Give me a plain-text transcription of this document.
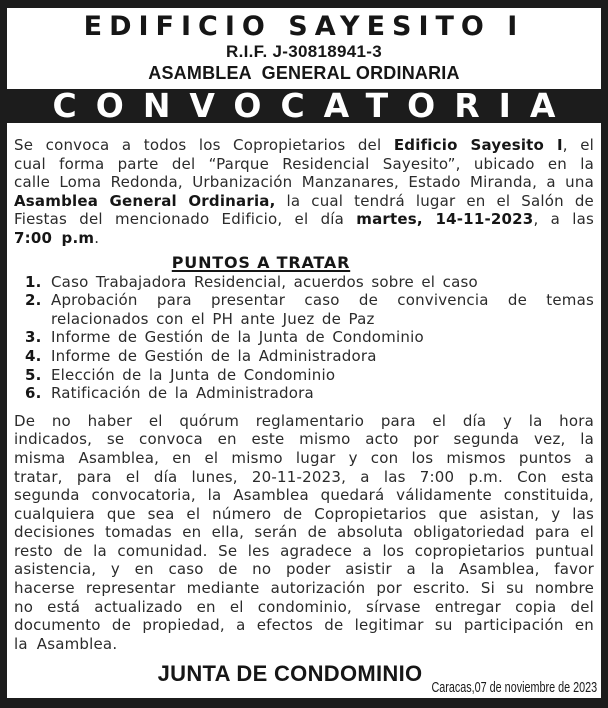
EDIFICIO SAYESITO I
R.I.F. J-30818941-3
ASAMBLEA  GENERAL ORDINARIA
CONVOCATORIA

Se convoca a todos los Copropietarios del Edificio Sayesito I, el cual forma parte del “Parque Residencial Sayesito”, ubicado en la calle Loma Redonda, Urbanización Manzanares, Estado Miranda, a una Asamblea General Ordinaria, la cual tendrá lugar en el Salón de Fiestas del mencionado Edificio, el día martes, 14-11-2023, a las 7:00 p.m.

PUNTOS A TRATAR
1. Caso Trabajadora Residencial, acuerdos sobre el caso
2. Aprobación para presentar caso de convivencia de temas relacionados con el PH ante Juez de Paz
3. Informe de Gestión de la Junta de Condominio
4. Informe de Gestión de la Administradora
5. Elección de la Junta de Condominio
6. Ratificación de la Administradora

De no haber el quórum reglamentario para el día y la hora indicados, se convoca en este mismo acto por segunda vez, la misma Asamblea, en el mismo lugar y con los mismos puntos a tratar, para el día lunes, 20-11-2023, a las 7:00 p.m. Con esta segunda convocatoria, la Asamblea quedará válidamente constituida, cualquiera que sea el número de Copropietarios que asistan, y las decisiones tomadas en ella, serán de absoluta obligatoriedad para el resto de la comunidad. Se les agradece a los copropietarios puntual asistencia, y en caso de no poder asistir a la Asamblea, favor hacerse representar mediante autorización por escrito. Si su nombre no está actualizado en el condominio, sírvase entregar copia del documento de propiedad, a efectos de legitimar su participación en la Asamblea.

JUNTA DE CONDOMINIO
Caracas,07 de noviembre de 2023
